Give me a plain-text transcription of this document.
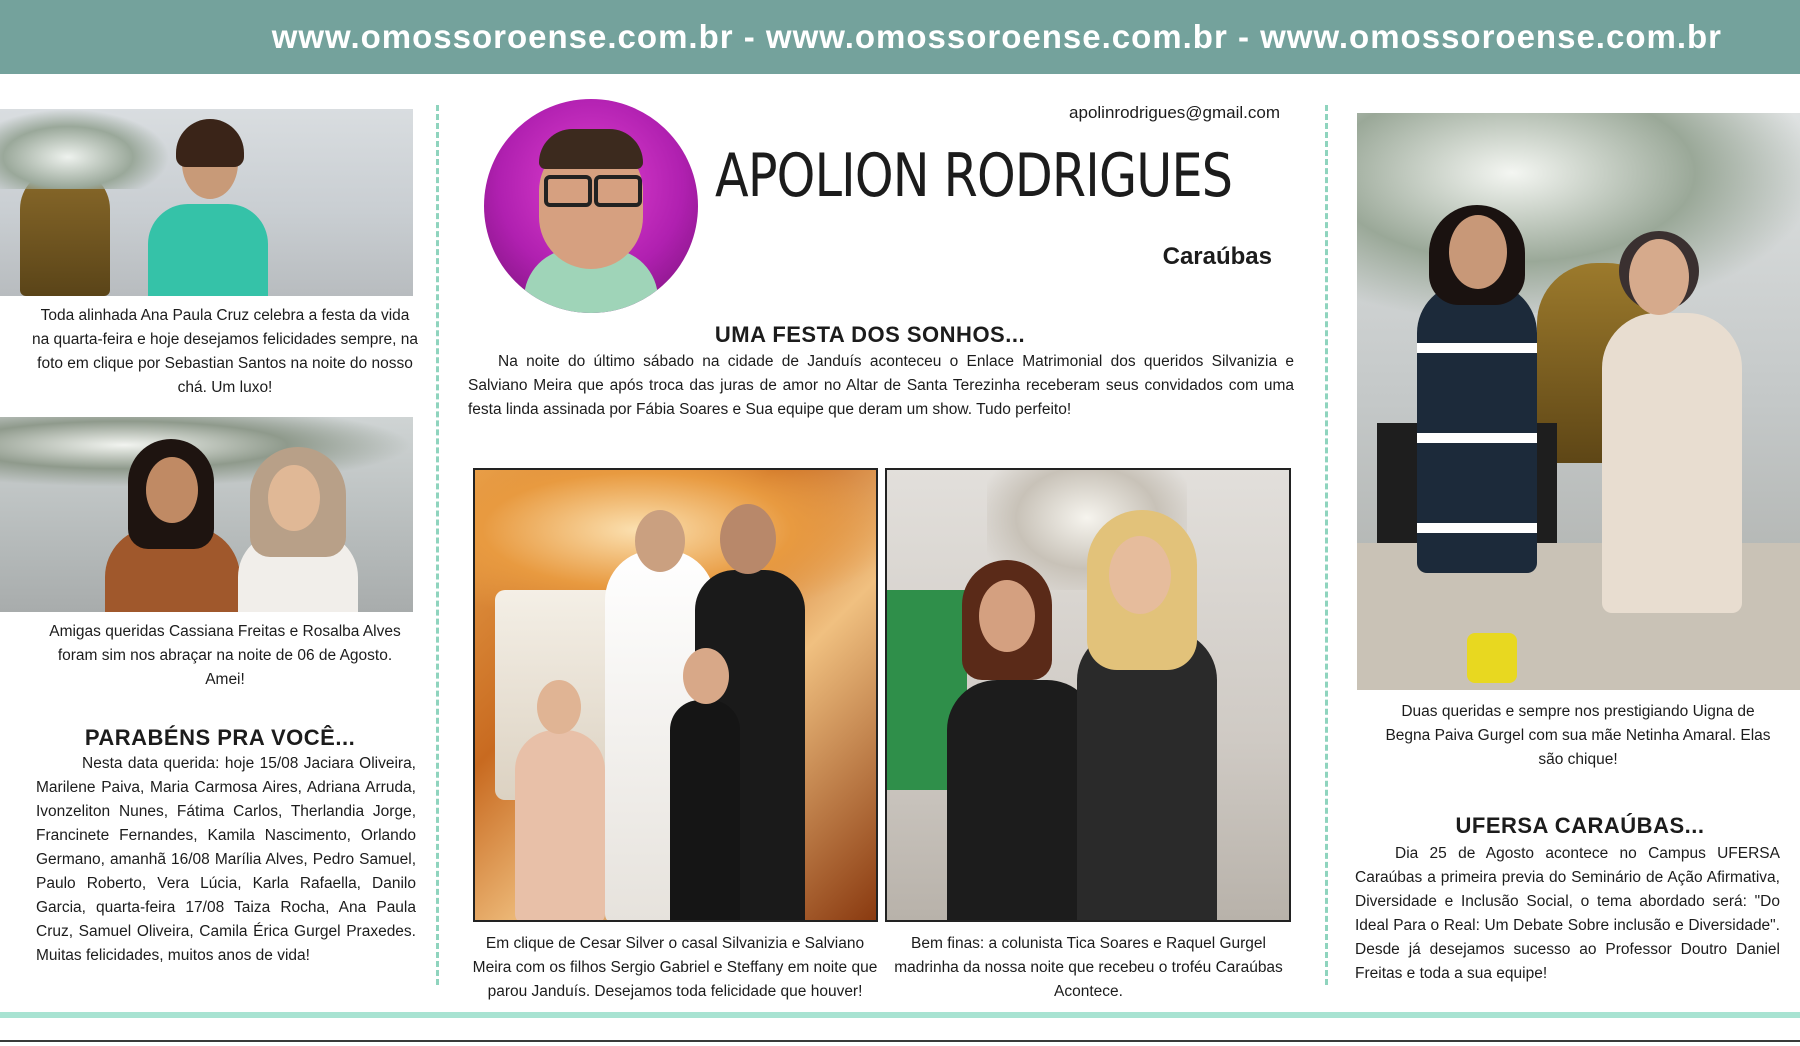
www.omossoroense.com.br - www.omossoroense.com.br - www.omossoroense.com.br
Toda alinhada Ana Paula Cruz celebra a festa da vida na quarta-feira e hoje desejamos felicidades sempre, na foto em clique por Sebastian Santos na noite do nosso chá. Um luxo!
Amigas queridas Cassiana Freitas e Rosalba Alves foram sim nos abraçar na noite de 06 de Agosto. Amei!
PARABÉNS PRA VOCÊ...
Nesta data querida: hoje 15/08 Jaciara Oliveira, Marilene Paiva, Maria Carmosa Aires, Adriana Arruda, Ivonzeliton Nunes, Fátima Carlos, Therlandia Jorge, Francinete Fernandes, Kamila Nascimento, Orlando Germano, amanhã 16/08 Marília Alves, Pedro Samuel, Paulo Roberto, Vera Lúcia, Karla Rafaella, Danilo Garcia, quarta-feira 17/08 Taiza Rocha, Ana Paula Cruz, Samuel Oliveira, Camila Érica Gurgel Praxedes. Muitas felicidades, muitos anos de vida!
apolinrodrigues@gmail.com
APOLION RODRIGUES
Caraúbas
UMA FESTA DOS SONHOS...
Na noite do último sábado na cidade de Janduís aconteceu o Enlace Matrimonial dos queridos Silvanizia e Salviano Meira que após troca das juras de amor no Altar de Santa Terezinha receberam seus convidados com uma festa linda assinada por Fábia Soares e Sua equipe que deram um show. Tudo perfeito!
Em clique de Cesar Silver o casal Silvanizia e Salviano Meira com os filhos Sergio Gabriel e Steffany em noite que parou Janduís. Desejamos toda felicidade que houver!
Bem finas: a colunista Tica Soares e Raquel Gurgel madrinha da nossa noite que recebeu o troféu Caraúbas Acontece.
Duas queridas e sempre nos prestigiando Uigna de Begna Paiva Gurgel com sua mãe Netinha Amaral. Elas são chique!
UFERSA CARAÚBAS...
Dia 25 de Agosto acontece no Campus UFERSA Caraúbas a primeira previa do Seminário de Ação Afirmativa, Diversidade e Inclusão Social, o tema abordado será: "Do Ideal Para o Real: Um Debate Sobre inclusão e Diversidade". Desde já desejamos sucesso ao Professor Doutro Daniel Freitas e toda a sua equipe!
